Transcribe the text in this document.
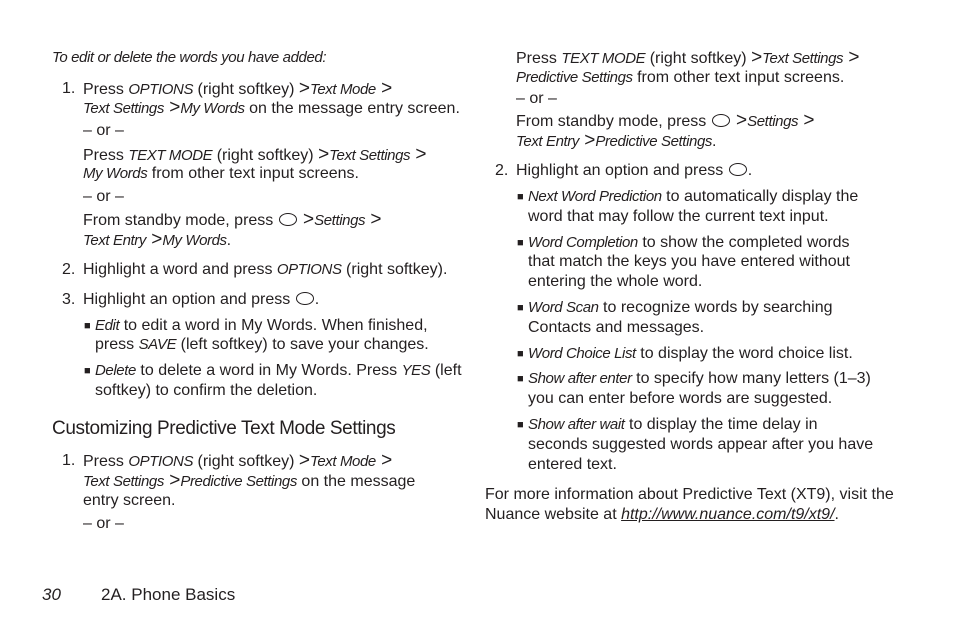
To edit or delete the words you have added:
1. Press OPTIONS (right softkey) >Text Mode >
Text Settings >My Words on the message entry screen.
– or –
Press TEXT MODE (right softkey) >Text Settings >
My Words from other text input screens.
– or –
From standby mode, press  >Settings >
Text Entry >My Words.
2. Highlight a word and press OPTIONS (right softkey).
3. Highlight an option and press .
■ Edit to edit a word in My Words. When finished,
press SAVE (left softkey) to save your changes.
■ Delete to delete a word in My Words. Press YES (left
softkey) to confirm the deletion.
Customizing Predictive Text Mode Settings
1. Press OPTIONS (right softkey) >Text Mode >
Text Settings >Predictive Settings on the message
entry screen.
– or –
Press TEXT MODE (right softkey) >Text Settings >
Predictive Settings from other text input screens.
– or –
From standby mode, press  >Settings >
Text Entry >Predictive Settings.
2. Highlight an option and press .
■ Next Word Prediction to automatically display the
word that may follow the current text input.
■ Word Completion to show the completed words
that match the keys you have entered without
entering the whole word.
■ Word Scan to recognize words by searching
Contacts and messages.
■ Word Choice List to display the word choice list.
■ Show after enter to specify how many letters (1–3)
you can enter before words are suggested.
■ Show after wait to display the time delay in
seconds suggested words appear after you have
entered text.
For more information about Predictive Text (XT9), visit the
Nuance website at http://www.nuance.com/t9/xt9/.
30 2A. Phone Basics
